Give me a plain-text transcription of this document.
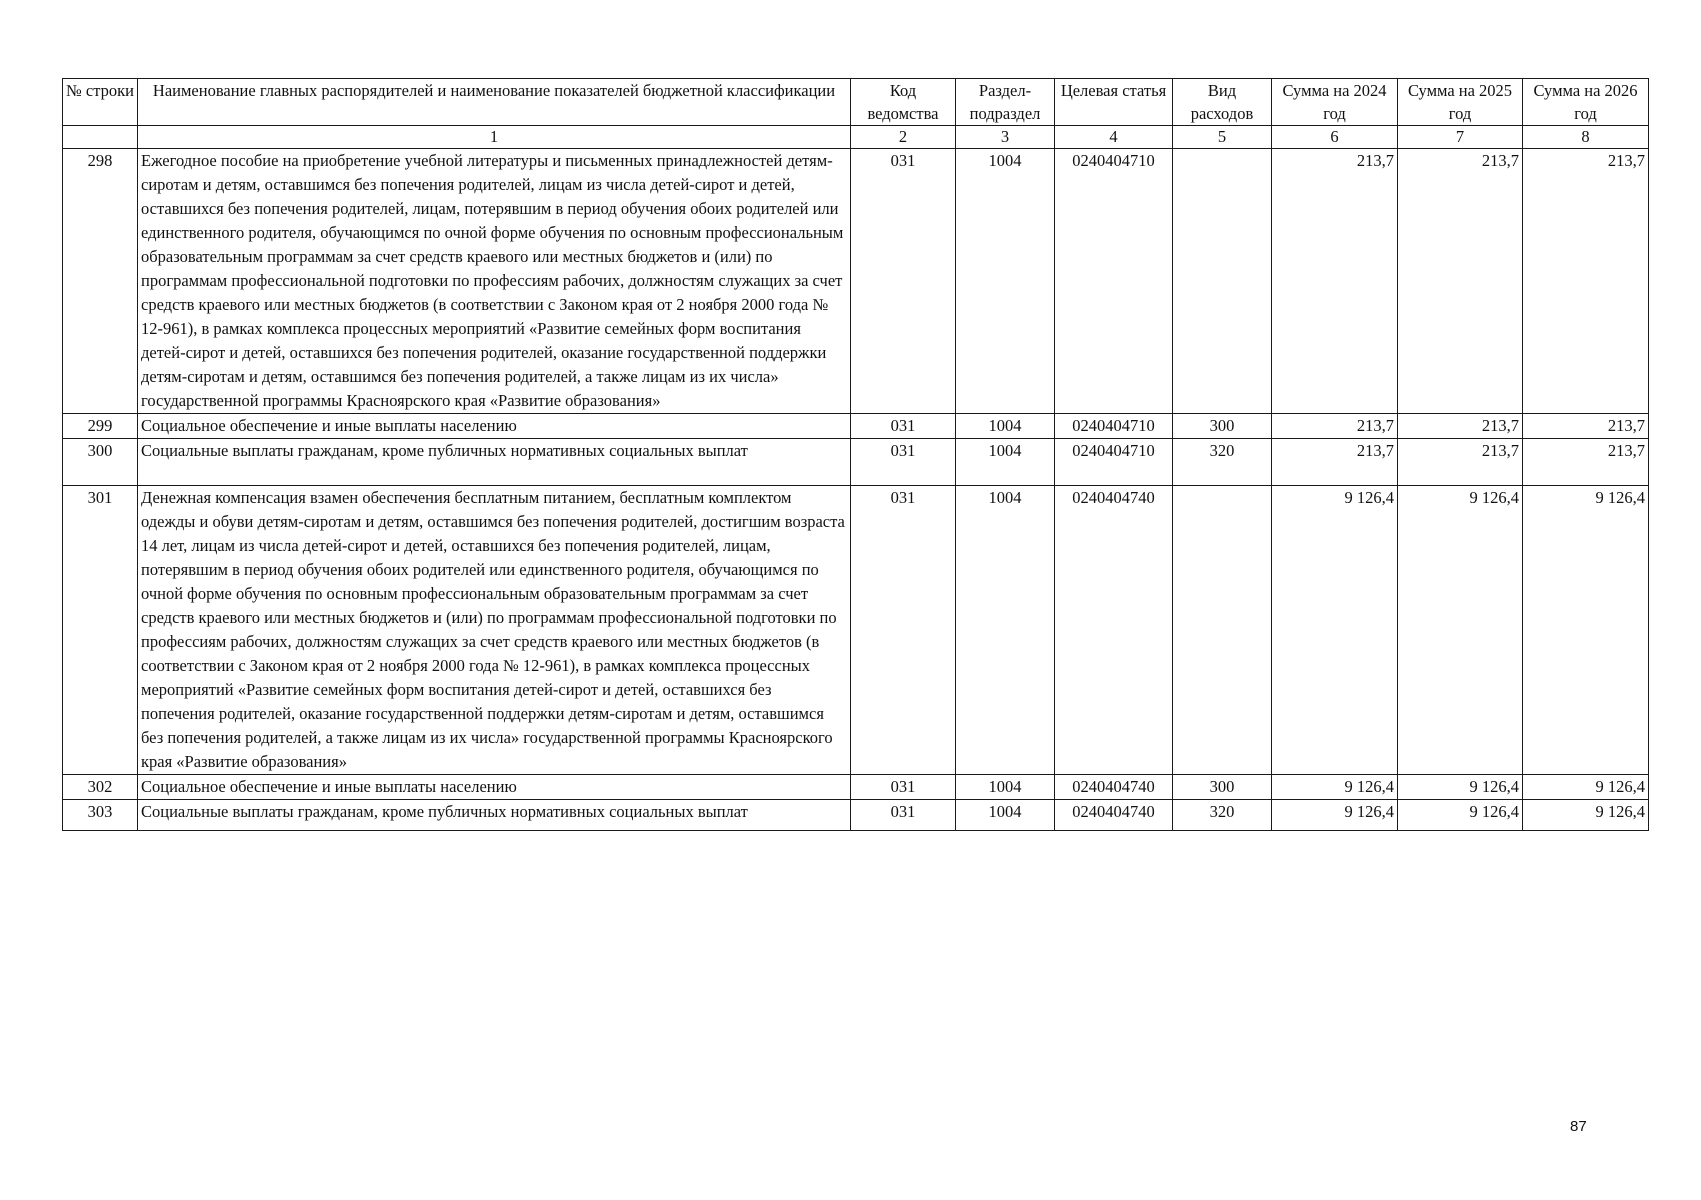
№ строки	Наименование главных распорядителей и наименование показателей бюджетной классификации	Код ведомства	Раздел-подраздел	Целевая статья	Вид расходов	Сумма на 2024 год	Сумма на 2025 год	Сумма на 2026 год
	1	2	3	4	5	6	7	8
298	Ежегодное пособие на приобретение учебной литературы и письменных принадлежностей детям-сиротам и детям, оставшимся без попечения родителей, лицам из числа детей-сирот и детей, оставшихся без попечения родителей, лицам, потерявшим в период обучения обоих родителей или единственного родителя, обучающимся по очной форме обучения по основным профессиональным образовательным программам за счет средств краевого или местных бюджетов и (или) по программам профессиональной подготовки по профессиям рабочих, должностям служащих за счет средств краевого или местных бюджетов (в соответствии с Законом края от 2 ноября 2000 года № 12-961), в рамках комплекса процессных мероприятий «Развитие семейных форм воспитания детей-сирот и детей, оставшихся без попечения родителей, оказание государственной поддержки детям-сиротам и детям, оставшимся без попечения родителей, а также лицам из их числа» государственной программы Красноярского края «Развитие образования»	031	1004	0240404710		213,7	213,7	213,7
299	Социальное обеспечение и иные выплаты населению	031	1004	0240404710	300	213,7	213,7	213,7
300	Социальные выплаты гражданам, кроме публичных нормативных социальных выплат	031	1004	0240404710	320	213,7	213,7	213,7
301	Денежная компенсация взамен обеспечения бесплатным питанием, бесплатным комплектом одежды и обуви детям-сиротам и детям, оставшимся без попечения родителей, достигшим возраста 14 лет, лицам из числа детей-сирот и детей, оставшихся без попечения родителей, лицам, потерявшим в период обучения обоих родителей или единственного родителя, обучающимся по очной форме обучения по основным профессиональным образовательным программам за счет средств краевого или местных бюджетов и (или) по программам профессиональной подготовки по профессиям рабочих, должностям служащих за счет средств краевого или местных бюджетов (в соответствии с Законом края от 2 ноября 2000 года № 12-961), в рамках комплекса процессных мероприятий «Развитие семейных форм воспитания детей-сирот и детей, оставшихся без попечения родителей, оказание государственной поддержки детям-сиротам и детям, оставшимся без попечения родителей, а также лицам из их числа» государственной программы Красноярского края «Развитие образования»	031	1004	0240404740		9 126,4	9 126,4	9 126,4
302	Социальное обеспечение и иные выплаты населению	031	1004	0240404740	300	9 126,4	9 126,4	9 126,4
303	Социальные выплаты гражданам, кроме публичных нормативных социальных выплат	031	1004	0240404740	320	9 126,4	9 126,4	9 126,4
87
